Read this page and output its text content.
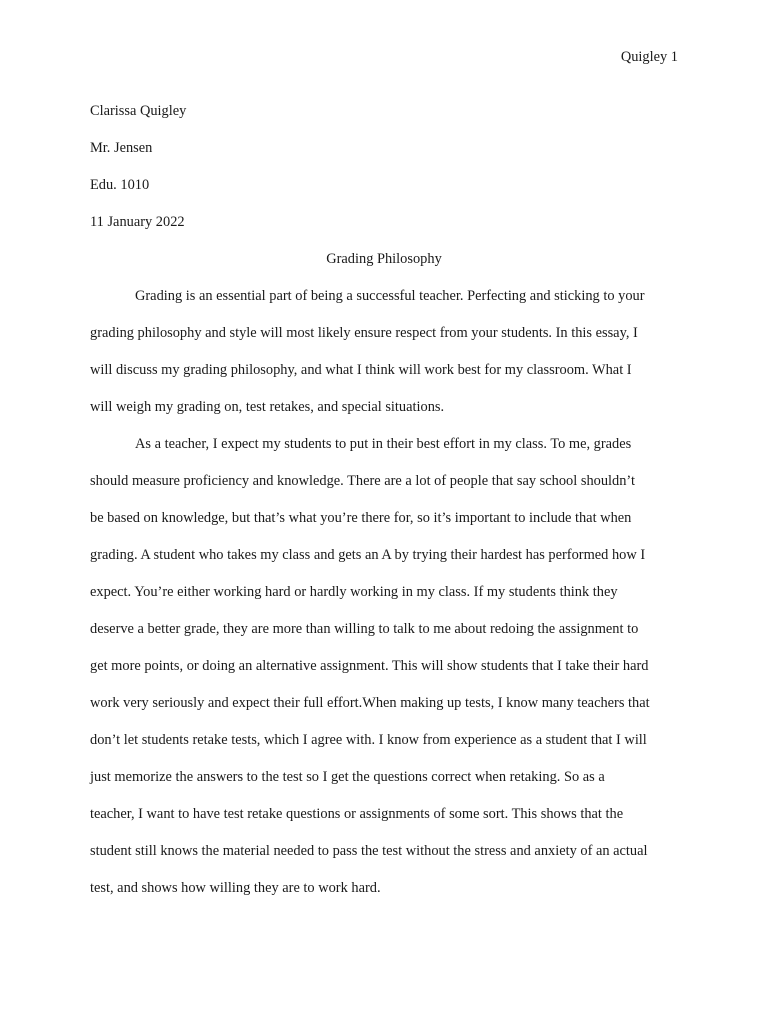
Quigley 1

Clarissa Quigley

Mr. Jensen

Edu. 1010

11 January 2022

Grading Philosophy

Grading is an essential part of being a successful teacher. Perfecting and sticking to your
grading philosophy and style will most likely ensure respect from your students. In this essay, I
will discuss my grading philosophy, and what I think will work best for my classroom. What I
will weigh my grading on, test retakes, and special situations.
As a teacher, I expect my students to put in their best effort in my class. To me, grades
should measure proficiency and knowledge. There are a lot of people that say school shouldn’t
be based on knowledge, but that’s what you’re there for, so it’s important to include that when
grading. A student who takes my class and gets an A by trying their hardest has performed how I
expect. You’re either working hard or hardly working in my class. If my students think they
deserve a better grade, they are more than willing to talk to me about redoing the assignment to
get more points, or doing an alternative assignment. This will show students that I take their hard
work very seriously and expect their full effort.When making up tests, I know many teachers that
don’t let students retake tests, which I agree with. I know from experience as a student that I will
just memorize the answers to the test so I get the questions correct when retaking. So as a
teacher, I want to have test retake questions or assignments of some sort. This shows that the
student still knows the material needed to pass the test without the stress and anxiety of an actual
test, and shows how willing they are to work hard.
